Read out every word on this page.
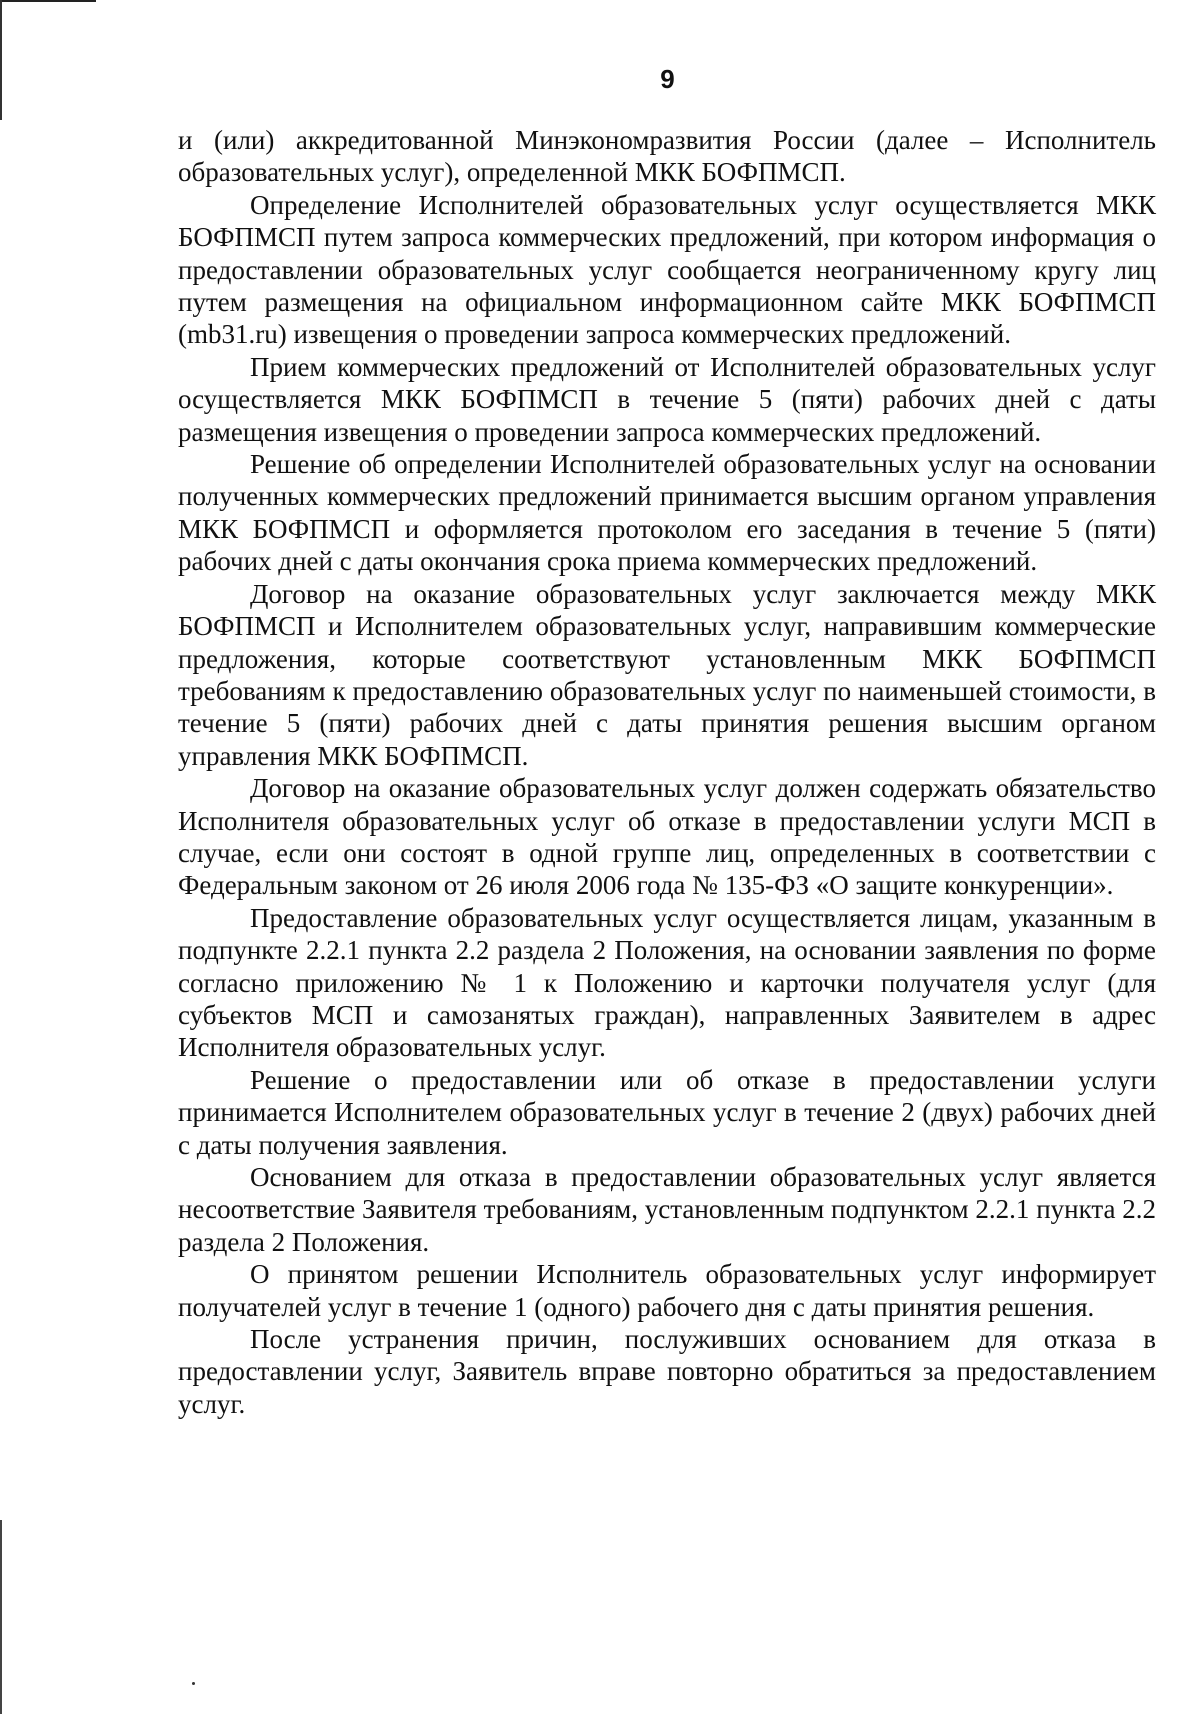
9

и (или) аккредитованной Минэкономразвития России (далее – Исполнитель образовательных услуг), определенной МКК БОФПМСП.

Определение Исполнителей образовательных услуг осуществляется МКК БОФПМСП путем запроса коммерческих предложений, при котором информация о предоставлении образовательных услуг сообщается неограниченному кругу лиц путем размещения на официальном информационном сайте МКК БОФПМСП (mb31.ru) извещения о проведении запроса коммерческих предложений.

Прием коммерческих предложений от Исполнителей образовательных услуг осуществляется МКК БОФПМСП в течение 5 (пяти) рабочих дней с даты размещения извещения о проведении запроса коммерческих предложений.

Решение об определении Исполнителей образовательных услуг на основании полученных коммерческих предложений принимается высшим органом управления МКК БОФПМСП и оформляется протоколом его заседания в течение 5 (пяти) рабочих дней с даты окончания срока приема коммерческих предложений.

Договор на оказание образовательных услуг заключается между МКК БОФПМСП и Исполнителем образовательных услуг, направившим коммерческие предложения, которые соответствуют установленным МКК БОФПМСП требованиям к предоставлению образовательных услуг по наименьшей стоимости, в течение 5 (пяти) рабочих дней с даты принятия решения высшим органом управления МКК БОФПМСП.

Договор на оказание образовательных услуг должен содержать обязательство Исполнителя образовательных услуг об отказе в предоставлении услуги МСП в случае, если они состоят в одной группе лиц, определенных в соответствии с Федеральным законом от 26 июля 2006 года № 135-ФЗ «О защите конкуренции».

Предоставление образовательных услуг осуществляется лицам, указанным в подпункте 2.2.1 пункта 2.2 раздела 2 Положения, на основании заявления по форме согласно приложению № 1 к Положению и карточки получателя услуг (для субъектов МСП и самозанятых граждан), направленных Заявителем в адрес Исполнителя образовательных услуг.

Решение о предоставлении или об отказе в предоставлении услуги принимается Исполнителем образовательных услуг в течение 2 (двух) рабочих дней с даты получения заявления.

Основанием для отказа в предоставлении образовательных услуг является несоответствие Заявителя требованиям, установленным подпунктом 2.2.1 пункта 2.2 раздела 2 Положения.

О принятом решении Исполнитель образовательных услуг информирует получателей услуг в течение 1 (одного) рабочего дня с даты принятия решения.

После устранения причин, послуживших основанием для отказа в предоставлении услуг, Заявитель вправе повторно обратиться за предоставлением услуг.
